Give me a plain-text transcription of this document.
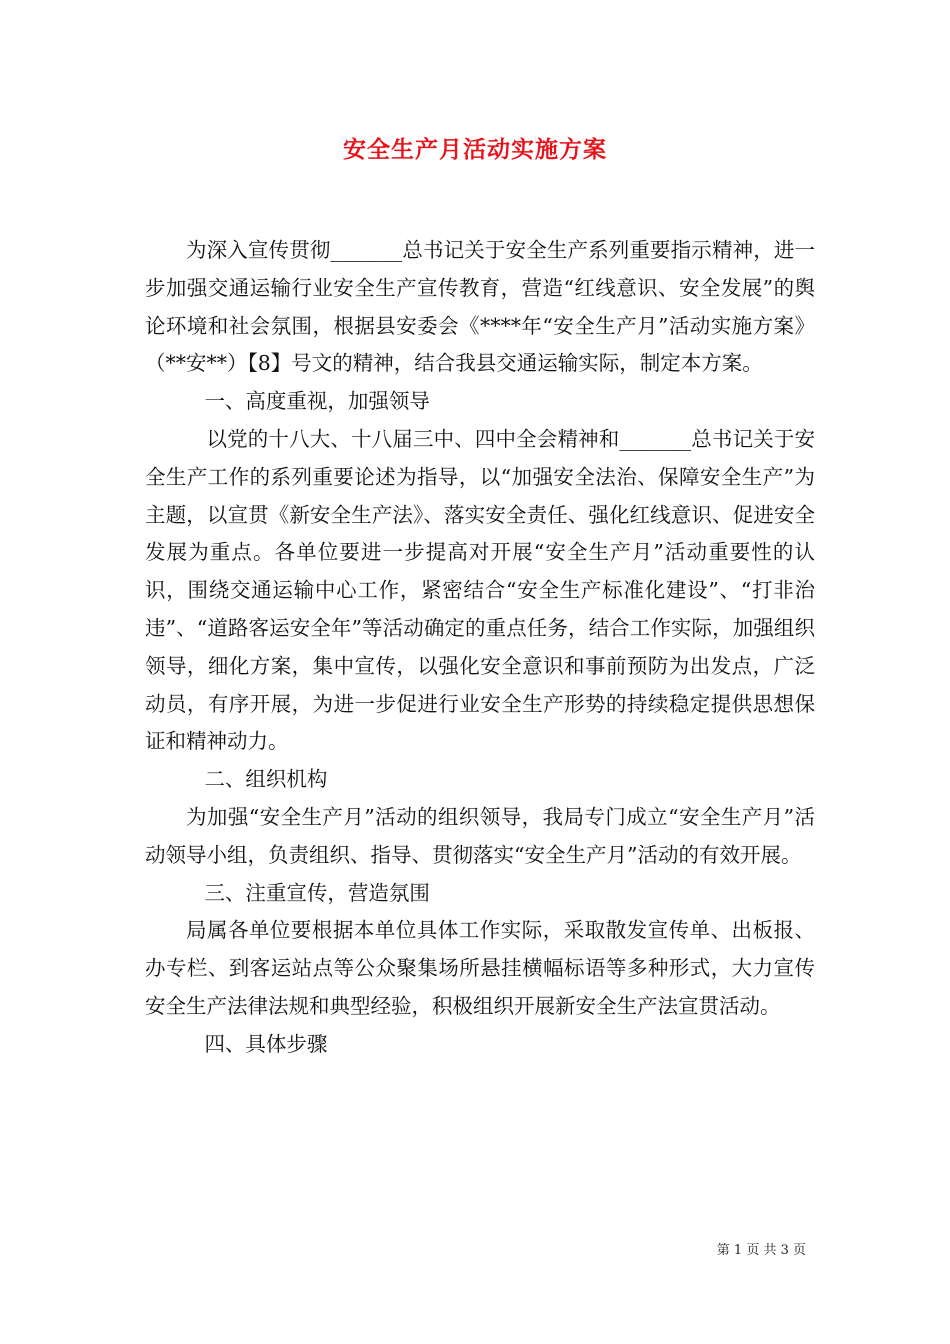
安全生产月活动实施方案

为深入宣传贯彻_______总书记关于安全生产系列重要指示精神，进一步加强交通运输行业安全生产宣传教育，营造“红线意识、安全发展”的舆论环境和社会氛围，根据县安委会《****年“安全生产月”活动实施方案》（**安**）【8】号文的精神，结合我县交通运输实际，制定本方案。

一、高度重视，加强领导

以党的十八大、十八届三中、四中全会精神和_______总书记关于安全生产工作的系列重要论述为指导，以“加强安全法治、保障安全生产”为主题，以宣贯《新安全生产法》、落实安全责任、强化红线意识、促进安全发展为重点。各单位要进一步提高对开展“安全生产月”活动重要性的认识，围绕交通运输中心工作，紧密结合“安全生产标准化建设”、“打非治违”、“道路客运安全年”等活动确定的重点任务，结合工作实际，加强组织领导，细化方案，集中宣传，以强化安全意识和事前预防为出发点，广泛动员，有序开展，为进一步促进行业安全生产形势的持续稳定提供思想保证和精神动力。

二、组织机构

为加强“安全生产月”活动的组织领导，我局专门成立“安全生产月”活动领导小组，负责组织、指导、贯彻落实“安全生产月”活动的有效开展。

三、注重宣传，营造氛围

局属各单位要根据本单位具体工作实际，采取散发宣传单、出板报、办专栏、到客运站点等公众聚集场所悬挂横幅标语等多种形式，大力宣传安全生产法律法规和典型经验，积极组织开展新安全生产法宣贯活动。

四、具体步骤

第 1 页 共 3 页
